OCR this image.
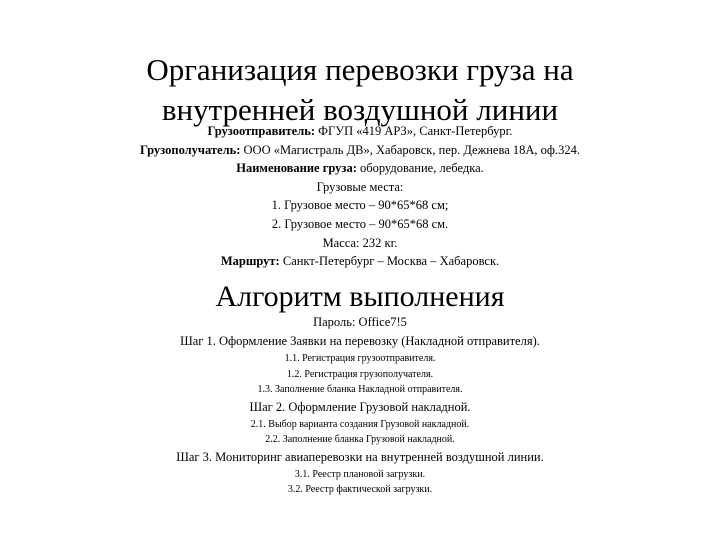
Организация перевозки груза на
внутренней воздушной линии
Грузоотправитель: ФГУП «419 АРЗ», Санкт-Петербург.
Грузополучатель: ООО «Магистраль ДВ», Хабаровск, пер. Дежнева 18А, оф.324.
Наименование груза: оборудование, лебедка.
Грузовые места:
1. Грузовое место – 90*65*68 см;
2. Грузовое место – 90*65*68 см.
Масса: 232 кг.
Маршрут: Санкт-Петербург – Москва – Хабаровск.
Алгоритм выполнения
Пароль: Office7!5
Шаг 1. Оформление Заявки на перевозку (Накладной отправителя).
1.1. Регистрация грузоотправителя.
1.2. Регистрация грузополучателя.
1.3. Заполнение бланка Накладной отправителя.
Шаг 2. Оформление Грузовой накладной.
2.1. Выбор варианта создания Грузовой накладной.
2.2. Заполнение бланка Грузовой накладной.
Шаг 3. Мониторинг авиаперевозки на внутренней воздушной линии.
3.1. Реестр плановой загрузки.
3.2. Реестр фактической загрузки.
